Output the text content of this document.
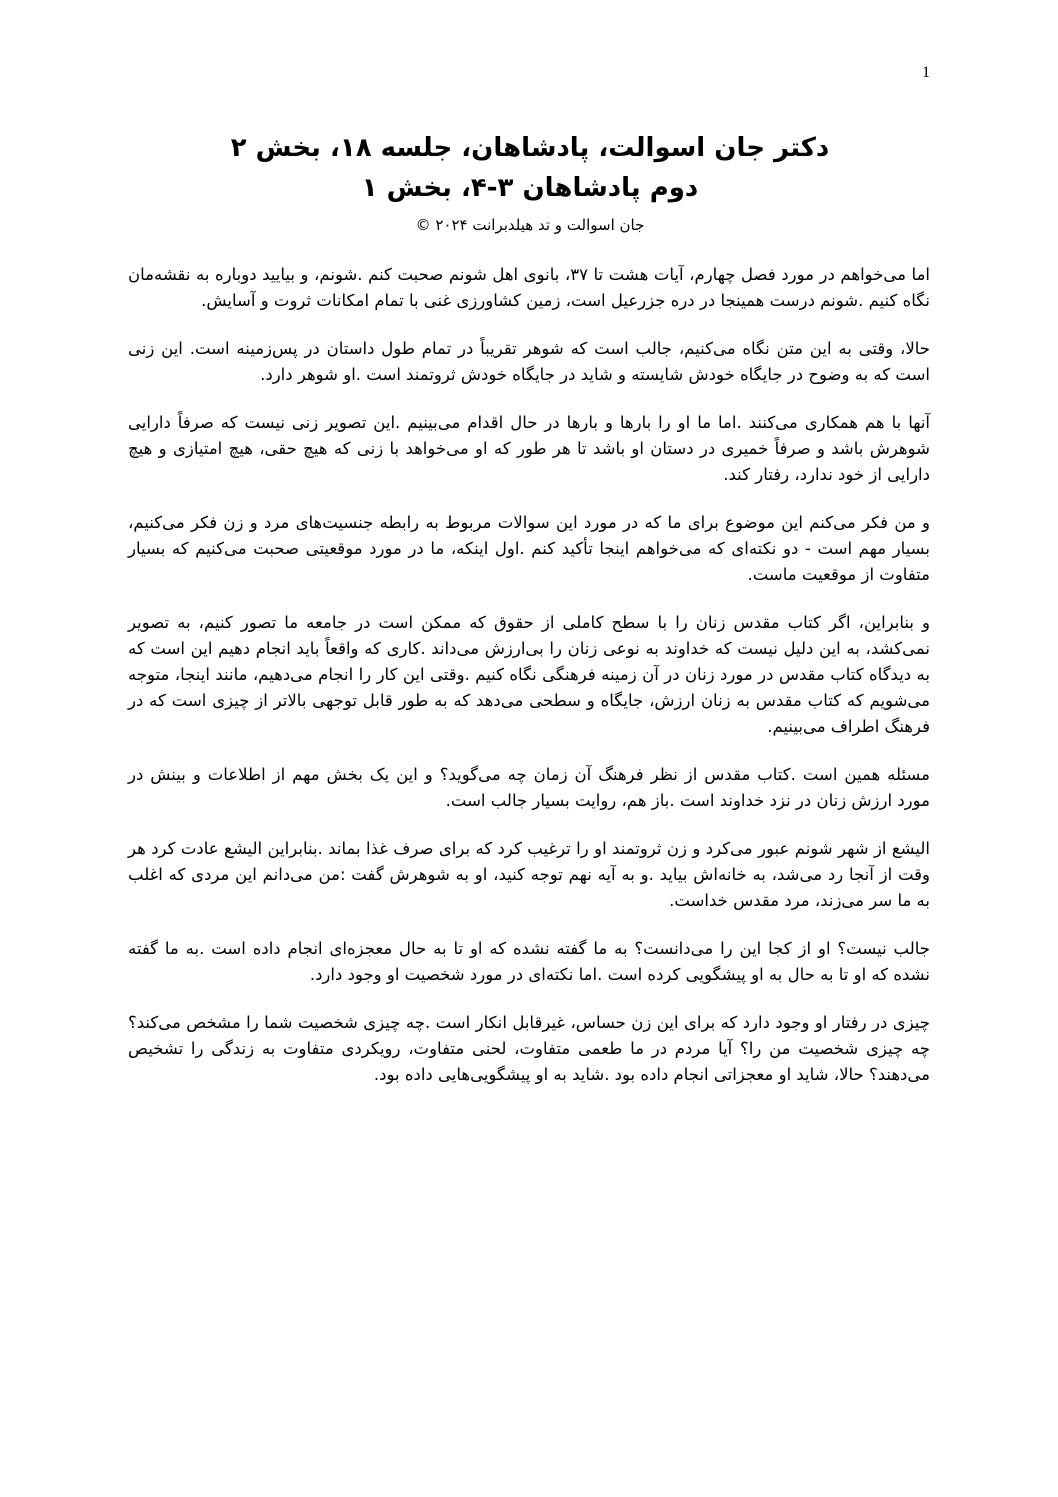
1
دکتر جان اسوالت، پادشاهان، جلسه ۱۸، بخش ۲
دوم پادشاهان ۳-۴، بخش ۱

جان اسوالت و تد هیلدبرانت ۲۰۲۴ ©

اما می‌خواهم در مورد فصل چهارم، آیات هشت تا ۳۷، بانوی اهل شونم صحبت کنم .شونم، و بیایید دوباره به نقشه‌مان نگاه کنیم .شونم درست همینجا در دره جزرعیل است، زمین کشاورزی غنی با تمام امکانات ثروت و آسایش.

حالا، وقتی به این متن نگاه می‌کنیم، جالب است که شوهر تقریباً در تمام طول داستان در پس‌زمینه است. این زنی است که به وضوح در جایگاه خودش شایسته و شاید در جایگاه خودش ثروتمند است .او شوهر دارد.

آنها با هم همکاری می‌کنند .اما ما او را بارها و بارها در حال اقدام می‌بینیم .این تصویر زنی نیست که صرفاً دارایی شوهرش باشد و صرفاً خمیری در دستان او باشد تا هر طور که او می‌خواهد با زنی که هیچ حقی، هیچ امتیازی و هیچ دارایی از خود ندارد، رفتار کند.

و من فکر می‌کنم این موضوع برای ما که در مورد این سوالات مربوط به رابطه جنسیت‌های مرد و زن فکر می‌کنیم، بسیار مهم است - دو نکته‌ای که می‌خواهم اینجا تأکید کنم .اول اینکه، ما در مورد موقعیتی صحبت می‌کنیم که بسیار متفاوت از موقعیت ماست.

و بنابراین، اگر کتاب مقدس زنان را با سطح کاملی از حقوق که ممکن است در جامعه ما تصور کنیم، به تصویر نمی‌کشد، به این دلیل نیست که خداوند به نوعی زنان را بی‌ارزش می‌داند .کاری که واقعاً باید انجام دهیم این است که به دیدگاه کتاب مقدس در مورد زنان در آن زمینه فرهنگی نگاه کنیم .وقتی این کار را انجام می‌دهیم، مانند اینجا، متوجه می‌شویم که کتاب مقدس به زنان ارزش، جایگاه و سطحی می‌دهد که به طور قابل توجهی بالاتر از چیزی است که در فرهنگ اطراف می‌بینیم.

مسئله همین است .کتاب مقدس از نظر فرهنگ آن زمان چه می‌گوید؟ و این یک بخش مهم از اطلاعات و بینش در مورد ارزش زنان در نزد خداوند است .باز هم، روایت بسیار جالب است.

الیشع از شهر شونم عبور می‌کرد و زن ثروتمند او را ترغیب کرد که برای صرف غذا بماند .بنابراین الیشع عادت کرد هر وقت از آنجا رد می‌شد، به خانه‌اش بیاید .و به آیه نهم توجه کنید، او به شوهرش گفت :من می‌دانم این مردی که اغلب به ما سر می‌زند، مرد مقدس خداست.

جالب نیست؟ او از کجا این را می‌دانست؟ به ما گفته نشده که او تا به حال معجزه‌ای انجام داده است .به ما گفته نشده که او تا به حال به او پیشگویی کرده است .اما نکته‌ای در مورد شخصیت او وجود دارد.

چیزی در رفتار او وجود دارد که برای این زن حساس، غیرقابل انکار است .چه چیزی شخصیت شما را مشخص می‌کند؟ چه چیزی شخصیت من را؟ آیا مردم در ما طعمی متفاوت، لحنی متفاوت، رویکردی متفاوت به زندگی را تشخیص می‌دهند؟ حالا، شاید او معجزاتی انجام داده بود .شاید به او پیشگویی‌هایی داده بود.
